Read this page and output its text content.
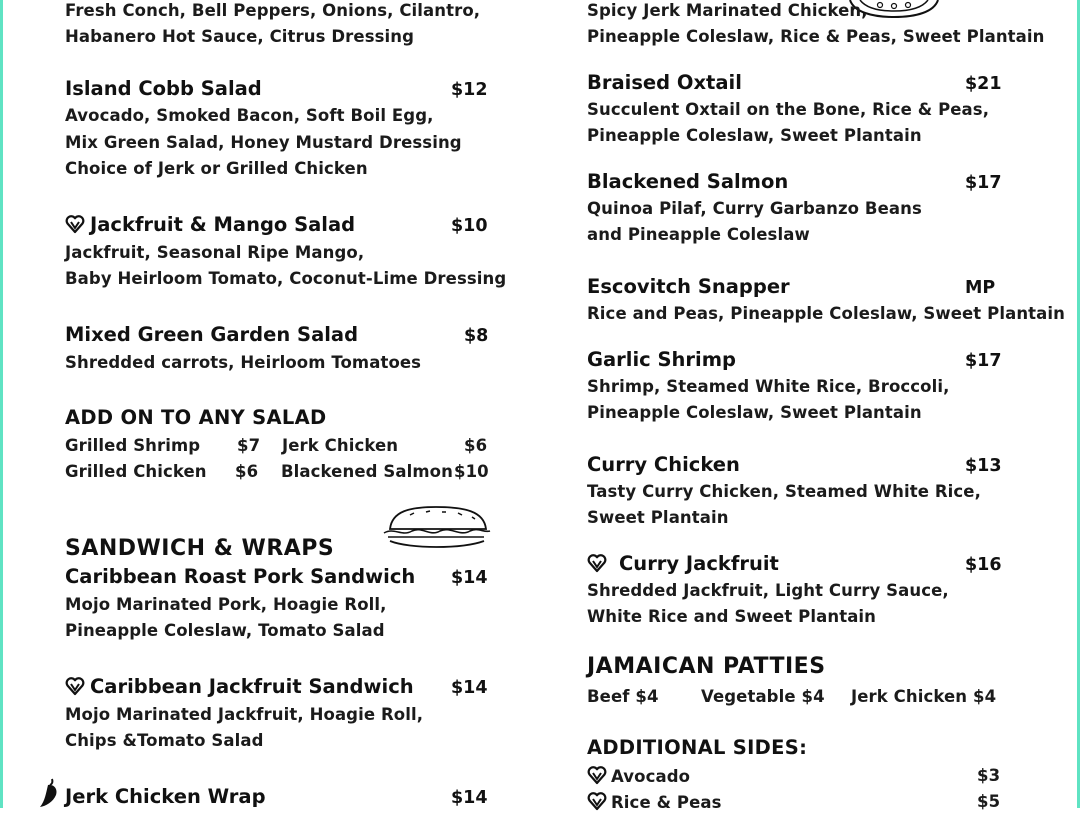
Fresh Conch, Bell Peppers, Onions, Cilantro,
Habanero Hot Sauce, Citrus Dressing
Island Cobb Salad	$12
Avocado, Smoked Bacon, Soft Boil Egg,
Mix Green Salad, Honey Mustard Dressing
Choice of Jerk or Grilled Chicken
Jackfruit & Mango Salad	$10
Jackfruit, Seasonal Ripe Mango,
Baby Heirloom Tomato, Coconut-Lime Dressing
Mixed Green Garden Salad	$8
Shredded carrots, Heirloom Tomatoes
ADD ON TO ANY SALAD
Grilled Shrimp $7 Jerk Chicken	$6
Grilled Chicken $6 Blackened Salmon $10
SANDWICH & WRAPS
Caribbean Roast Pork Sandwich $14
Mojo Marinated Pork, Hoagie Roll,
Pineapple Coleslaw, Tomato Salad
Caribbean Jackfruit Sandwich $14
Mojo Marinated Jackfruit, Hoagie Roll,
Chips &Tomato Salad
Jerk Chicken Wrap	$14
Spicy Jerk Marinated Chicken,
Pineapple Coleslaw, Rice & Peas, Sweet Plantain
Braised Oxtail	$21
Succulent Oxtail on the Bone, Rice & Peas,
Pineapple Coleslaw, Sweet Plantain
Blackened Salmon	$17
Quinoa Pilaf, Curry Garbanzo Beans
and Pineapple Coleslaw
Escovitch Snapper	MP
Rice and Peas, Pineapple Coleslaw, Sweet Plantain
Garlic Shrimp	$17
Shrimp, Steamed White Rice, Broccoli,
Pineapple Coleslaw, Sweet Plantain
Curry Chicken	$13
Tasty Curry Chicken, Steamed White Rice,
Sweet Plantain
Curry Jackfruit	$16
Shredded Jackfruit, Light Curry Sauce,
White Rice and Sweet Plantain
JAMAICAN PATTIES
Beef $4	Vegetable $4 Jerk Chicken $4
ADDITIONAL SIDES:
Avocado	$3
Rice & Peas	$5
